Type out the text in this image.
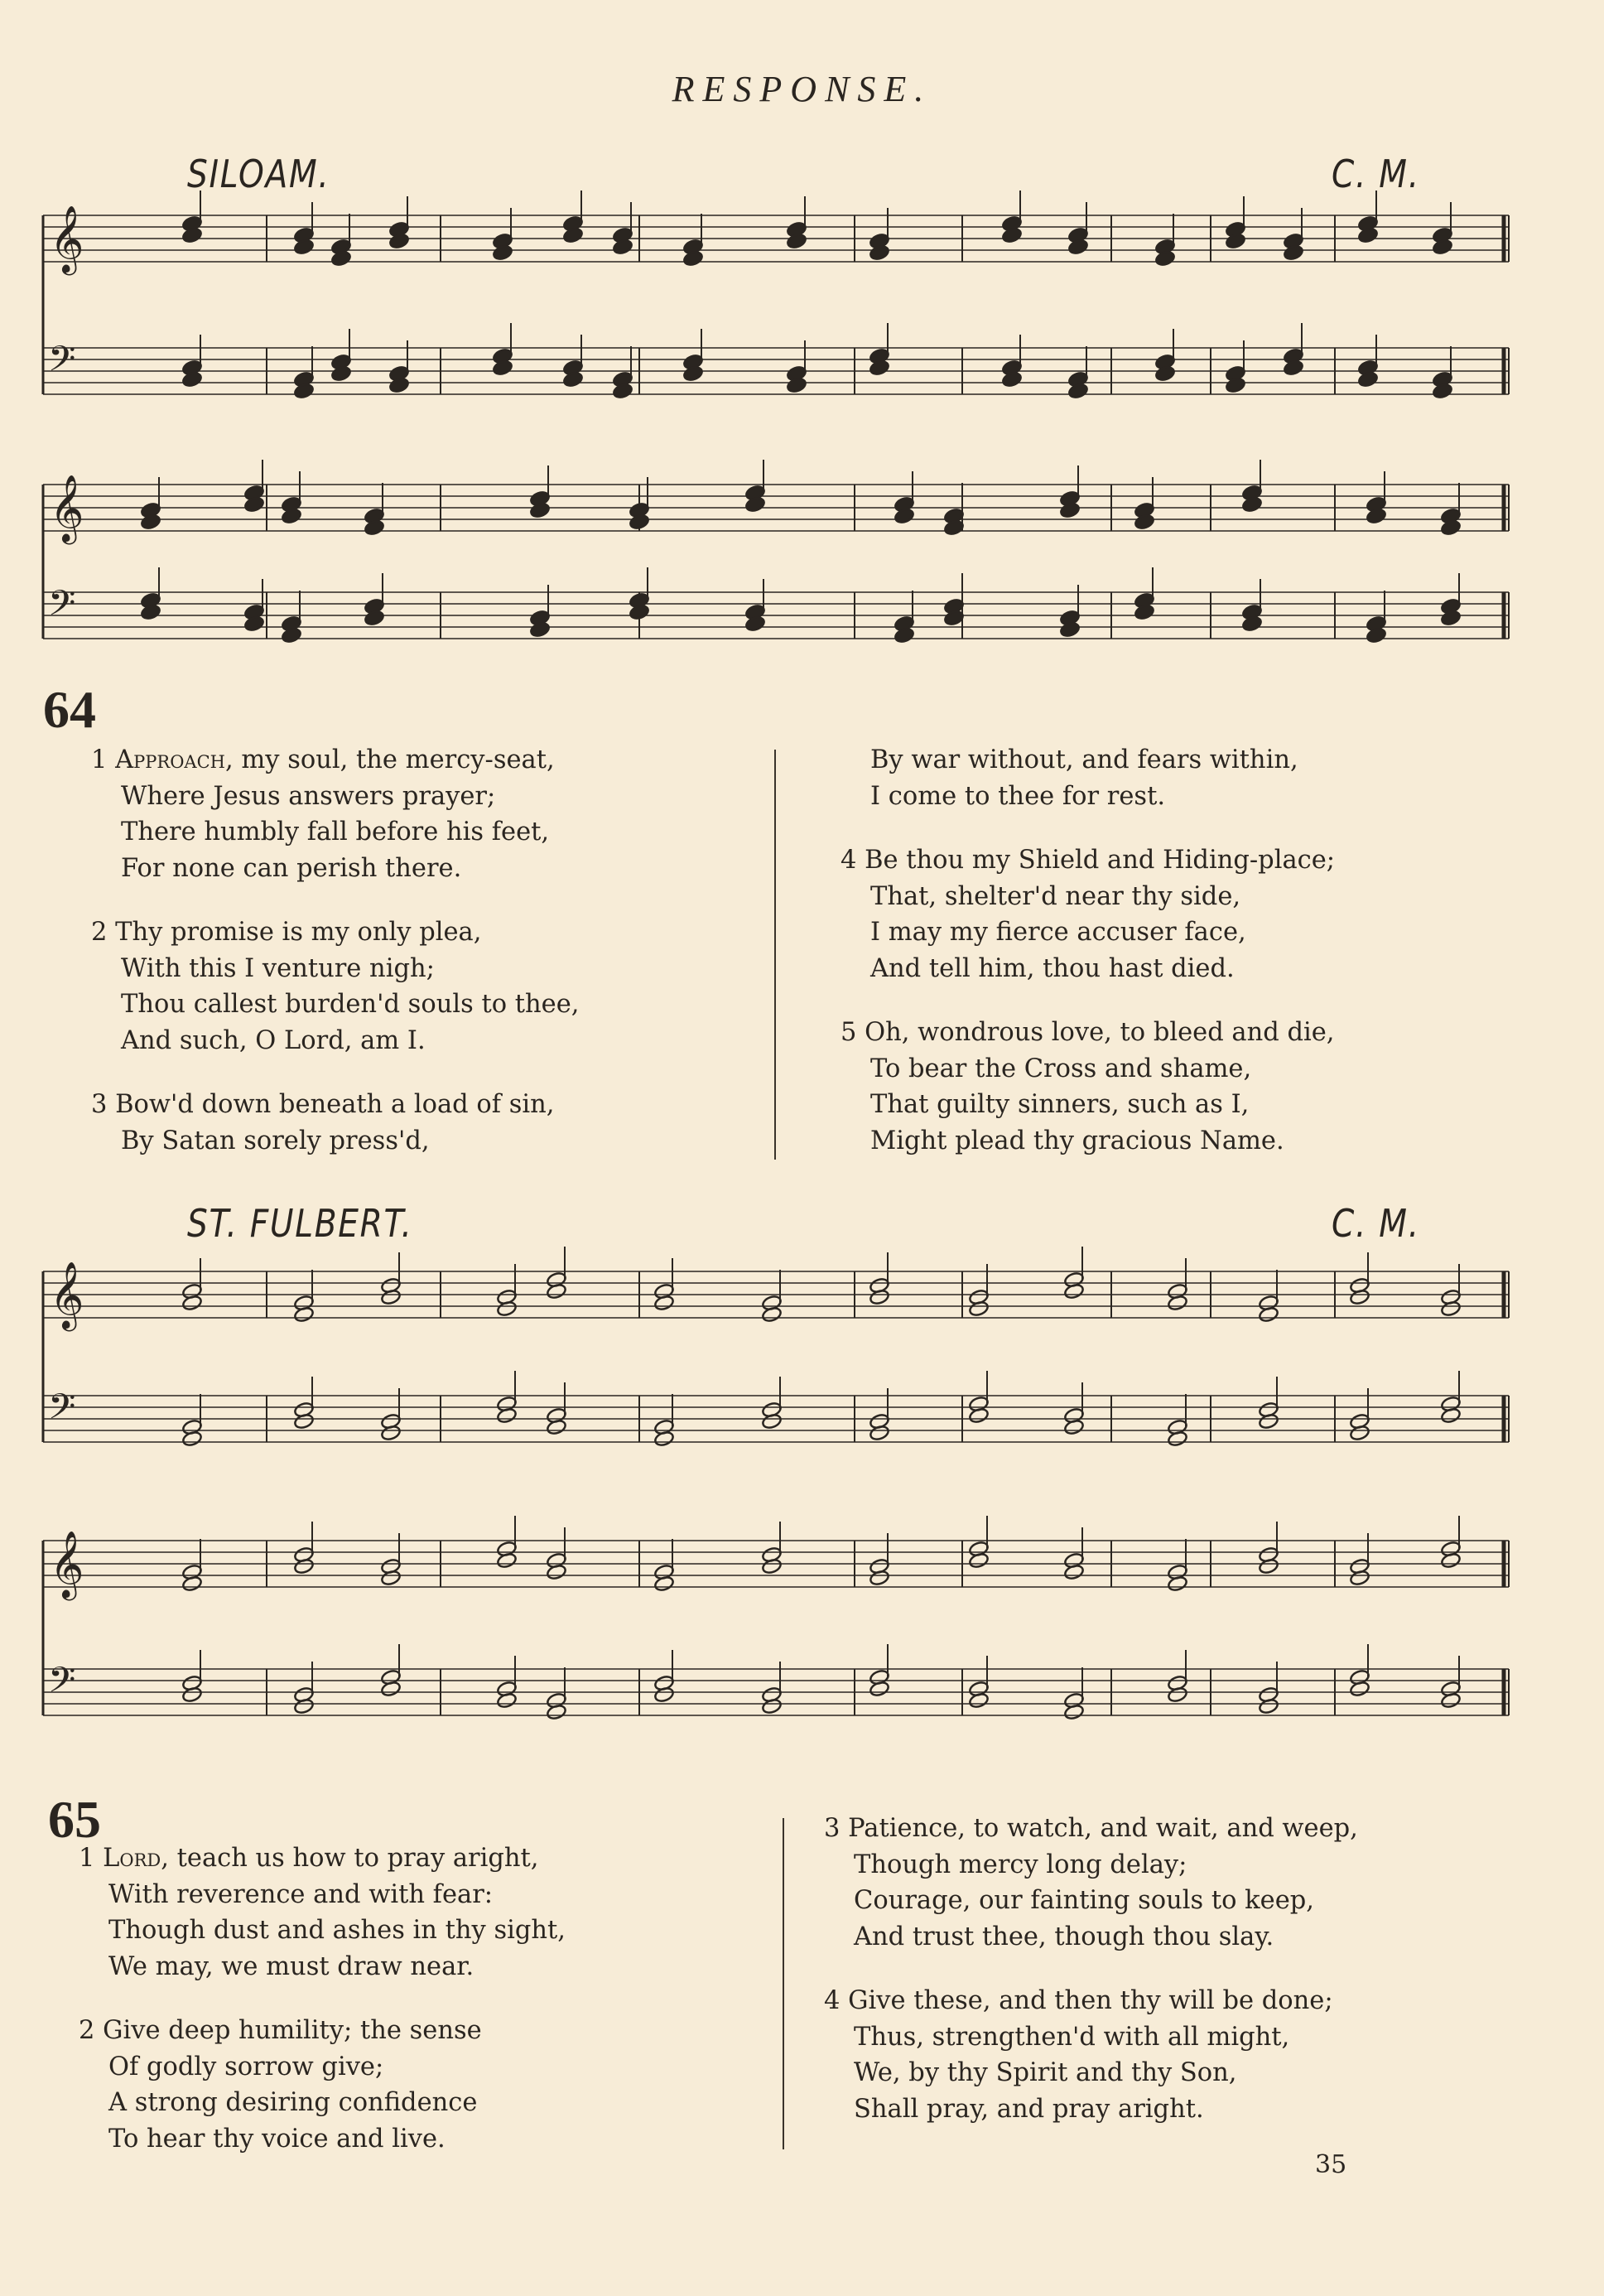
RESPONSE.
SILOAM.	C. M.
𝄞
𝄢
𝄞
𝄢
64
1 Approach, my soul, the mercy-seat,
Where Jesus answers prayer;
There humbly fall before his feet,
For none can perish there.
2 Thy promise is my only plea,
With this I venture nigh;
Thou callest burden'd souls to thee,
And such, O Lord, am I.
3 Bow'd down beneath a load of sin,
By Satan sorely press'd,
By war without, and fears within,
I come to thee for rest.
4 Be thou my Shield and Hiding-place;
That, shelter'd near thy side,
I may my fierce accuser face,
And tell him, thou hast died.
5 Oh, wondrous love, to bleed and die,
To bear the Cross and shame,
That guilty sinners, such as I,
Might plead thy gracious Name.
ST. FULBERT.	C. M.
𝄞
𝄢
𝄞
𝄢
65
1 Lord, teach us how to pray aright,
With reverence and with fear:
Though dust and ashes in thy sight,
We may, we must draw near.
2 Give deep humility; the sense
Of godly sorrow give;
A strong desiring confidence
To hear thy voice and live.
3 Patience, to watch, and wait, and weep,
Though mercy long delay;
Courage, our fainting souls to keep,
And trust thee, though thou slay.
4 Give these, and then thy will be done;
Thus, strengthen'd with all might,
We, by thy Spirit and thy Son,
Shall pray, and pray aright.
35
